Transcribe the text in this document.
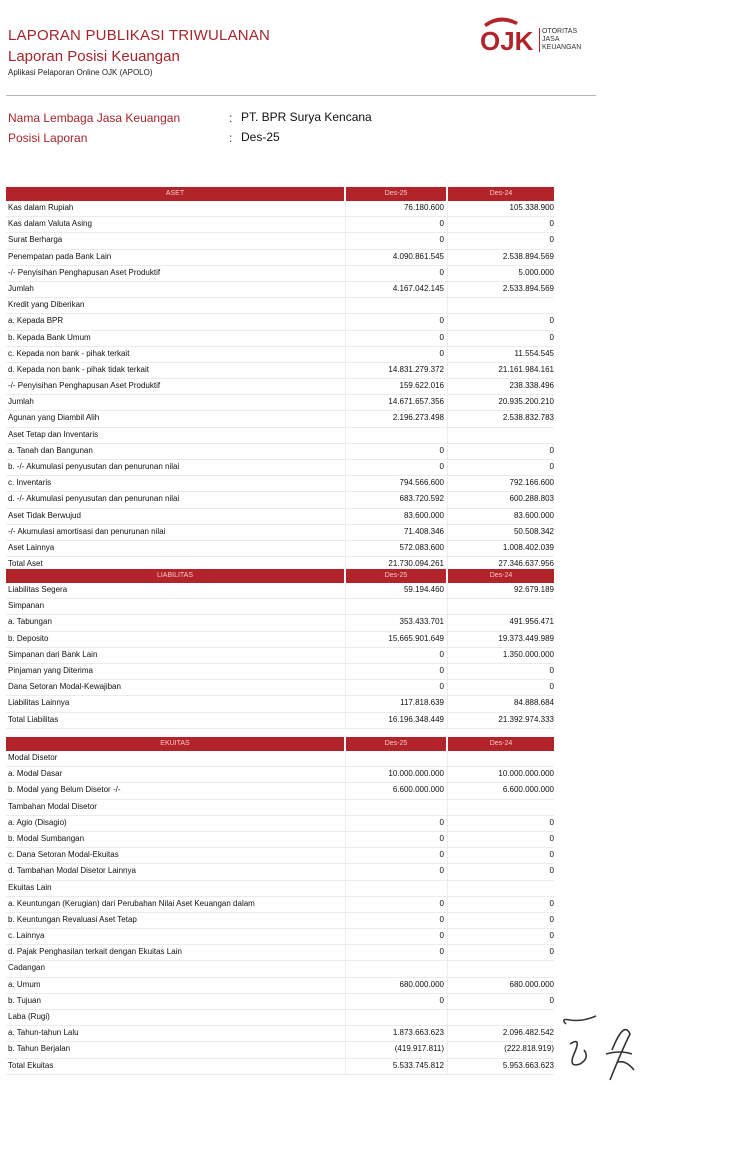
LAPORAN PUBLIKASI TRIWULANAN
Laporan Posisi Keuangan
Aplikasi Pelaporan Online OJK (APOLO)
OJK OTORITAS
JASA
KEUANGAN
Nama Lembaga Jasa Keuangan	: PT. BPR Surya Kencana
Posisi Laporan	: Des-25
ASET	Des-25	Des-24
Kas dalam Rupiah	76.180.600	105.338.900
Kas dalam Valuta Asing	0	0
Surat Berharga	0	0
Penempatan pada Bank Lain	4.090.861.545	2.538.894.569
-/- Penyisihan Penghapusan Aset Produktif	0	5.000.000
Jumlah	4.167.042.145	2.533.894.569
Kredit yang Diberikan
a. Kepada BPR	0	0
b. Kepada Bank Umum	0	0
c. Kepada non bank - pihak terkait	0	11.554.545
d. Kepada non bank - pihak tidak terkait	14.831.279.372	21.161.984.161
-/- Penyisihan Penghapusan Aset Produktif	159.622.016	238.338.496
Jumlah	14.671.657.356	20.935.200.210
Agunan yang Diambil Alih	2.196.273.498	2.538.832.783
Aset Tetap dan Inventaris
a. Tanah dan Bangunan	0	0
b. -/- Akumulasi penyusutan dan penurunan nilai	0	0
c. Inventaris	794.566.600	792.166.600
d. -/- Akumulasi penyusutan dan penurunan nilai	683.720.592	600.288.803
Aset Tidak Berwujud	83.600.000	83.600.000
-/- Akumulasi amortisasi dan penurunan nilai	71.408.346	50.508.342
Aset Lainnya	572.083.600	1.008.402.039
Total Aset	21.730.094.261	27.346.637.956
LIABILITAS	Des-25	Des-24
Liabilitas Segera	59.194.460	92.679.189
Simpanan
a. Tabungan	353.433.701	491.956.471
b. Deposito	15.665.901.649	19.373.449.989
Simpanan dari Bank Lain	0	1.350.000.000
Pinjaman yang Diterima	0	0
Dana Setoran Modal-Kewajiban	0	0
Liabilitas Lainnya	117.818.639	84.888.684
Total Liabilitas	16.196.348.449	21.392.974.333
EKUITAS	Des-25	Des-24
Modal Disetor
a. Modal Dasar	10.000.000.000	10.000.000.000
b. Modal yang Belum Disetor -/-	6.600.000.000	6.600.000.000
Tambahan Modal Disetor
a. Agio (Disagio)	0	0
b. Modal Sumbangan	0	0
c. Dana Setoran Modal-Ekuitas	0	0
d. Tambahan Modal Disetor Lainnya	0	0
Ekuitas Lain
a. Keuntungan (Kerugian) dari Perubahan Nilai Aset Keuangan dalam	0	0
b. Keuntungan Revaluasi Aset Tetap	0	0
c. Lainnya	0	0
d. Pajak Penghasilan terkait dengan Ekuitas Lain	0	0
Cadangan
a. Umum	680.000.000	680.000.000
b. Tujuan	0	0
Laba (Rugi)
a. Tahun-tahun Lalu	1.873.663.623	2.096.482.542
b. Tahun Berjalan	(419.917.811)	(222.818.919)
Total Ekuitas	5.533.745.812	5.953.663.623
